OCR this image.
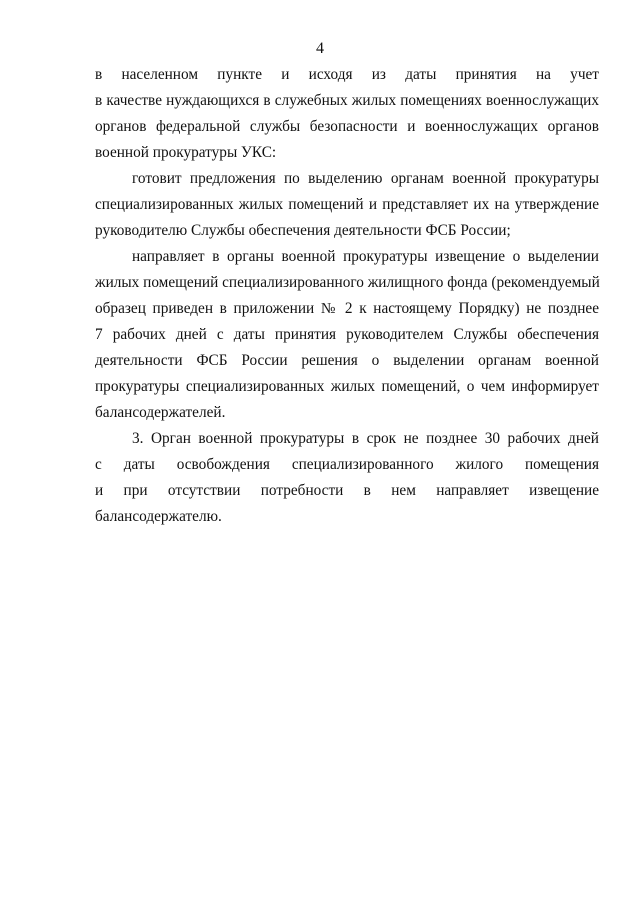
4
в населенном пункте и исходя из даты принятия на учет
в качестве нуждающихся в служебных жилых помещениях военнослужащих
органов федеральной службы безопасности и военнослужащих органов
военной прокуратуры УКС:
готовит предложения по выделению органам военной прокуратуры
специализированных жилых помещений и представляет их на утверждение
руководителю Службы обеспечения деятельности ФСБ России;
направляет в органы военной прокуратуры извещение о выделении
жилых помещений специализированного жилищного фонда (рекомендуемый
образец приведен в приложении № 2 к настоящему Порядку) не позднее
7 рабочих дней с даты принятия руководителем Службы обеспечения
деятельности ФСБ России решения о выделении органам военной
прокуратуры специализированных жилых помещений, о чем информирует
балансодержателей.
3. Орган военной прокуратуры в срок не позднее 30 рабочих дней
с даты освобождения специализированного жилого помещения
и при отсутствии потребности в нем направляет извещение
балансодержателю.
